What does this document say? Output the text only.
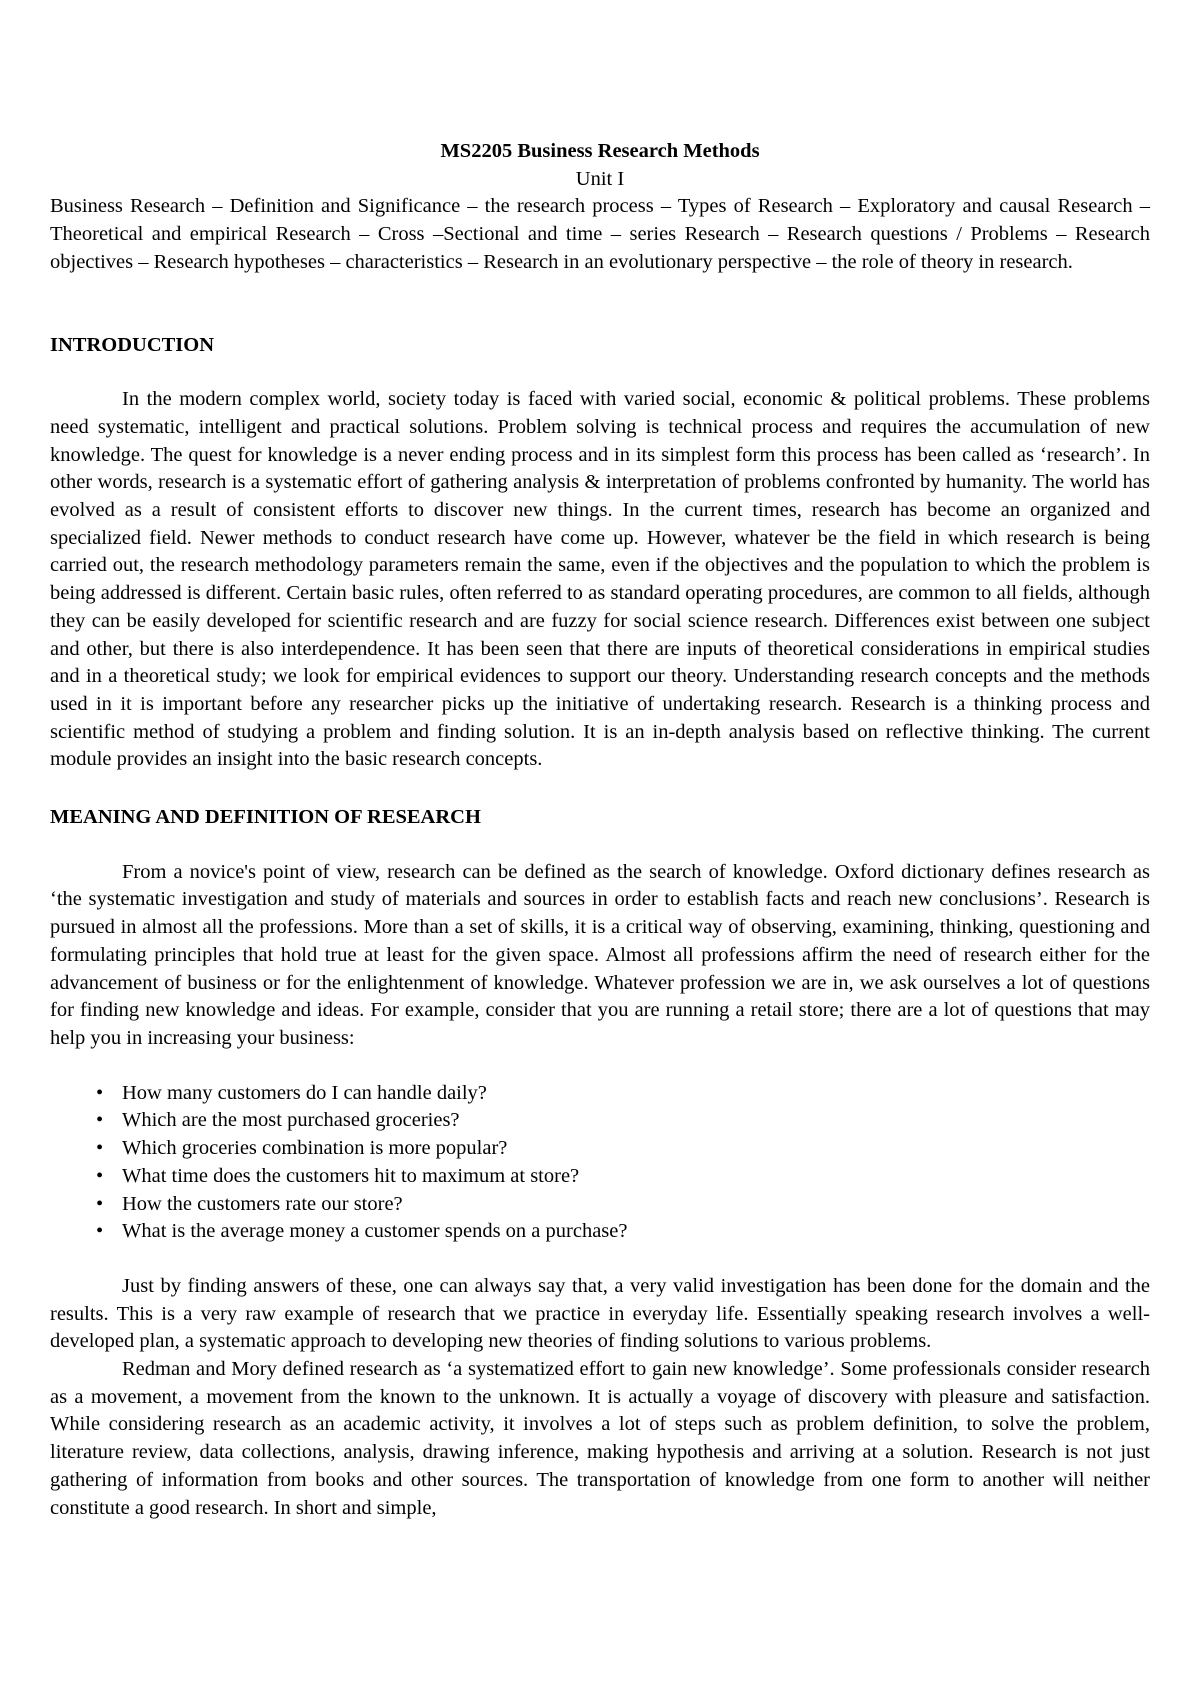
MS2205 Business Research Methods

Unit I

Business Research – Definition and Significance – the research process – Types of Research – Exploratory and causal Research – Theoretical and empirical Research – Cross –Sectional and time – series Research – Research questions / Problems – Research objectives – Research hypotheses – characteristics – Research in an evolutionary perspective – the role of theory in research.

INTRODUCTION

In the modern complex world, society today is faced with varied social, economic & political problems. These problems need systematic, intelligent and practical solutions. Problem solving is technical process and requires the accumulation of new knowledge. The quest for knowledge is a never ending process and in its simplest form this process has been called as ‘research’. In other words, research is a systematic effort of gathering analysis & interpretation of problems confronted by humanity. The world has evolved as a result of consistent efforts to discover new things. In the current times, research has become an organized and specialized field. Newer methods to conduct research have come up. However, whatever be the field in which research is being carried out, the research methodology parameters remain the same, even if the objectives and the population to which the problem is being addressed is different. Certain basic rules, often referred to as standard operating procedures, are common to all fields, although they can be easily developed for scientific research and are fuzzy for social science research. Differences exist between one subject and other, but there is also interdependence. It has been seen that there are inputs of theoretical considerations in empirical studies and in a theoretical study; we look for empirical evidences to support our theory. Understanding research concepts and the methods used in it is important before any researcher picks up the initiative of undertaking research. Research is a thinking process and scientific method of studying a problem and finding solution. It is an in-depth analysis based on reflective thinking. The current module provides an insight into the basic research concepts.

MEANING AND DEFINITION OF RESEARCH

From a novice's point of view, research can be defined as the search of knowledge. Oxford dictionary defines research as ‘the systematic investigation and study of materials and sources in order to establish facts and reach new conclusions’. Research is pursued in almost all the professions. More than a set of skills, it is a critical way of observing, examining, thinking, questioning and formulating principles that hold true at least for the given space. Almost all professions affirm the need of research either for the advancement of business or for the enlightenment of knowledge. Whatever profession we are in, we ask ourselves a lot of questions for finding new knowledge and ideas. For example, consider that you are running a retail store; there are a lot of questions that may help you in increasing your business:

• How many customers do I can handle daily?
• Which are the most purchased groceries?
• Which groceries combination is more popular?
• What time does the customers hit to maximum at store?
• How the customers rate our store?
• What is the average money a customer spends on a purchase?

Just by finding answers of these, one can always say that, a very valid investigation has been done for the domain and the results. This is a very raw example of research that we practice in everyday life. Essentially speaking research involves a well-developed plan, a systematic approach to developing new theories of finding solutions to various problems.

Redman and Mory defined research as ‘a systematized effort to gain new knowledge’. Some professionals consider research as a movement, a movement from the known to the unknown. It is actually a voyage of discovery with pleasure and satisfaction. While considering research as an academic activity, it involves a lot of steps such as problem definition, to solve the problem, literature review, data collections, analysis, drawing inference, making hypothesis and arriving at a solution. Research is not just gathering of information from books and other sources. The transportation of knowledge from one form to another will neither constitute a good research. In short and simple,
